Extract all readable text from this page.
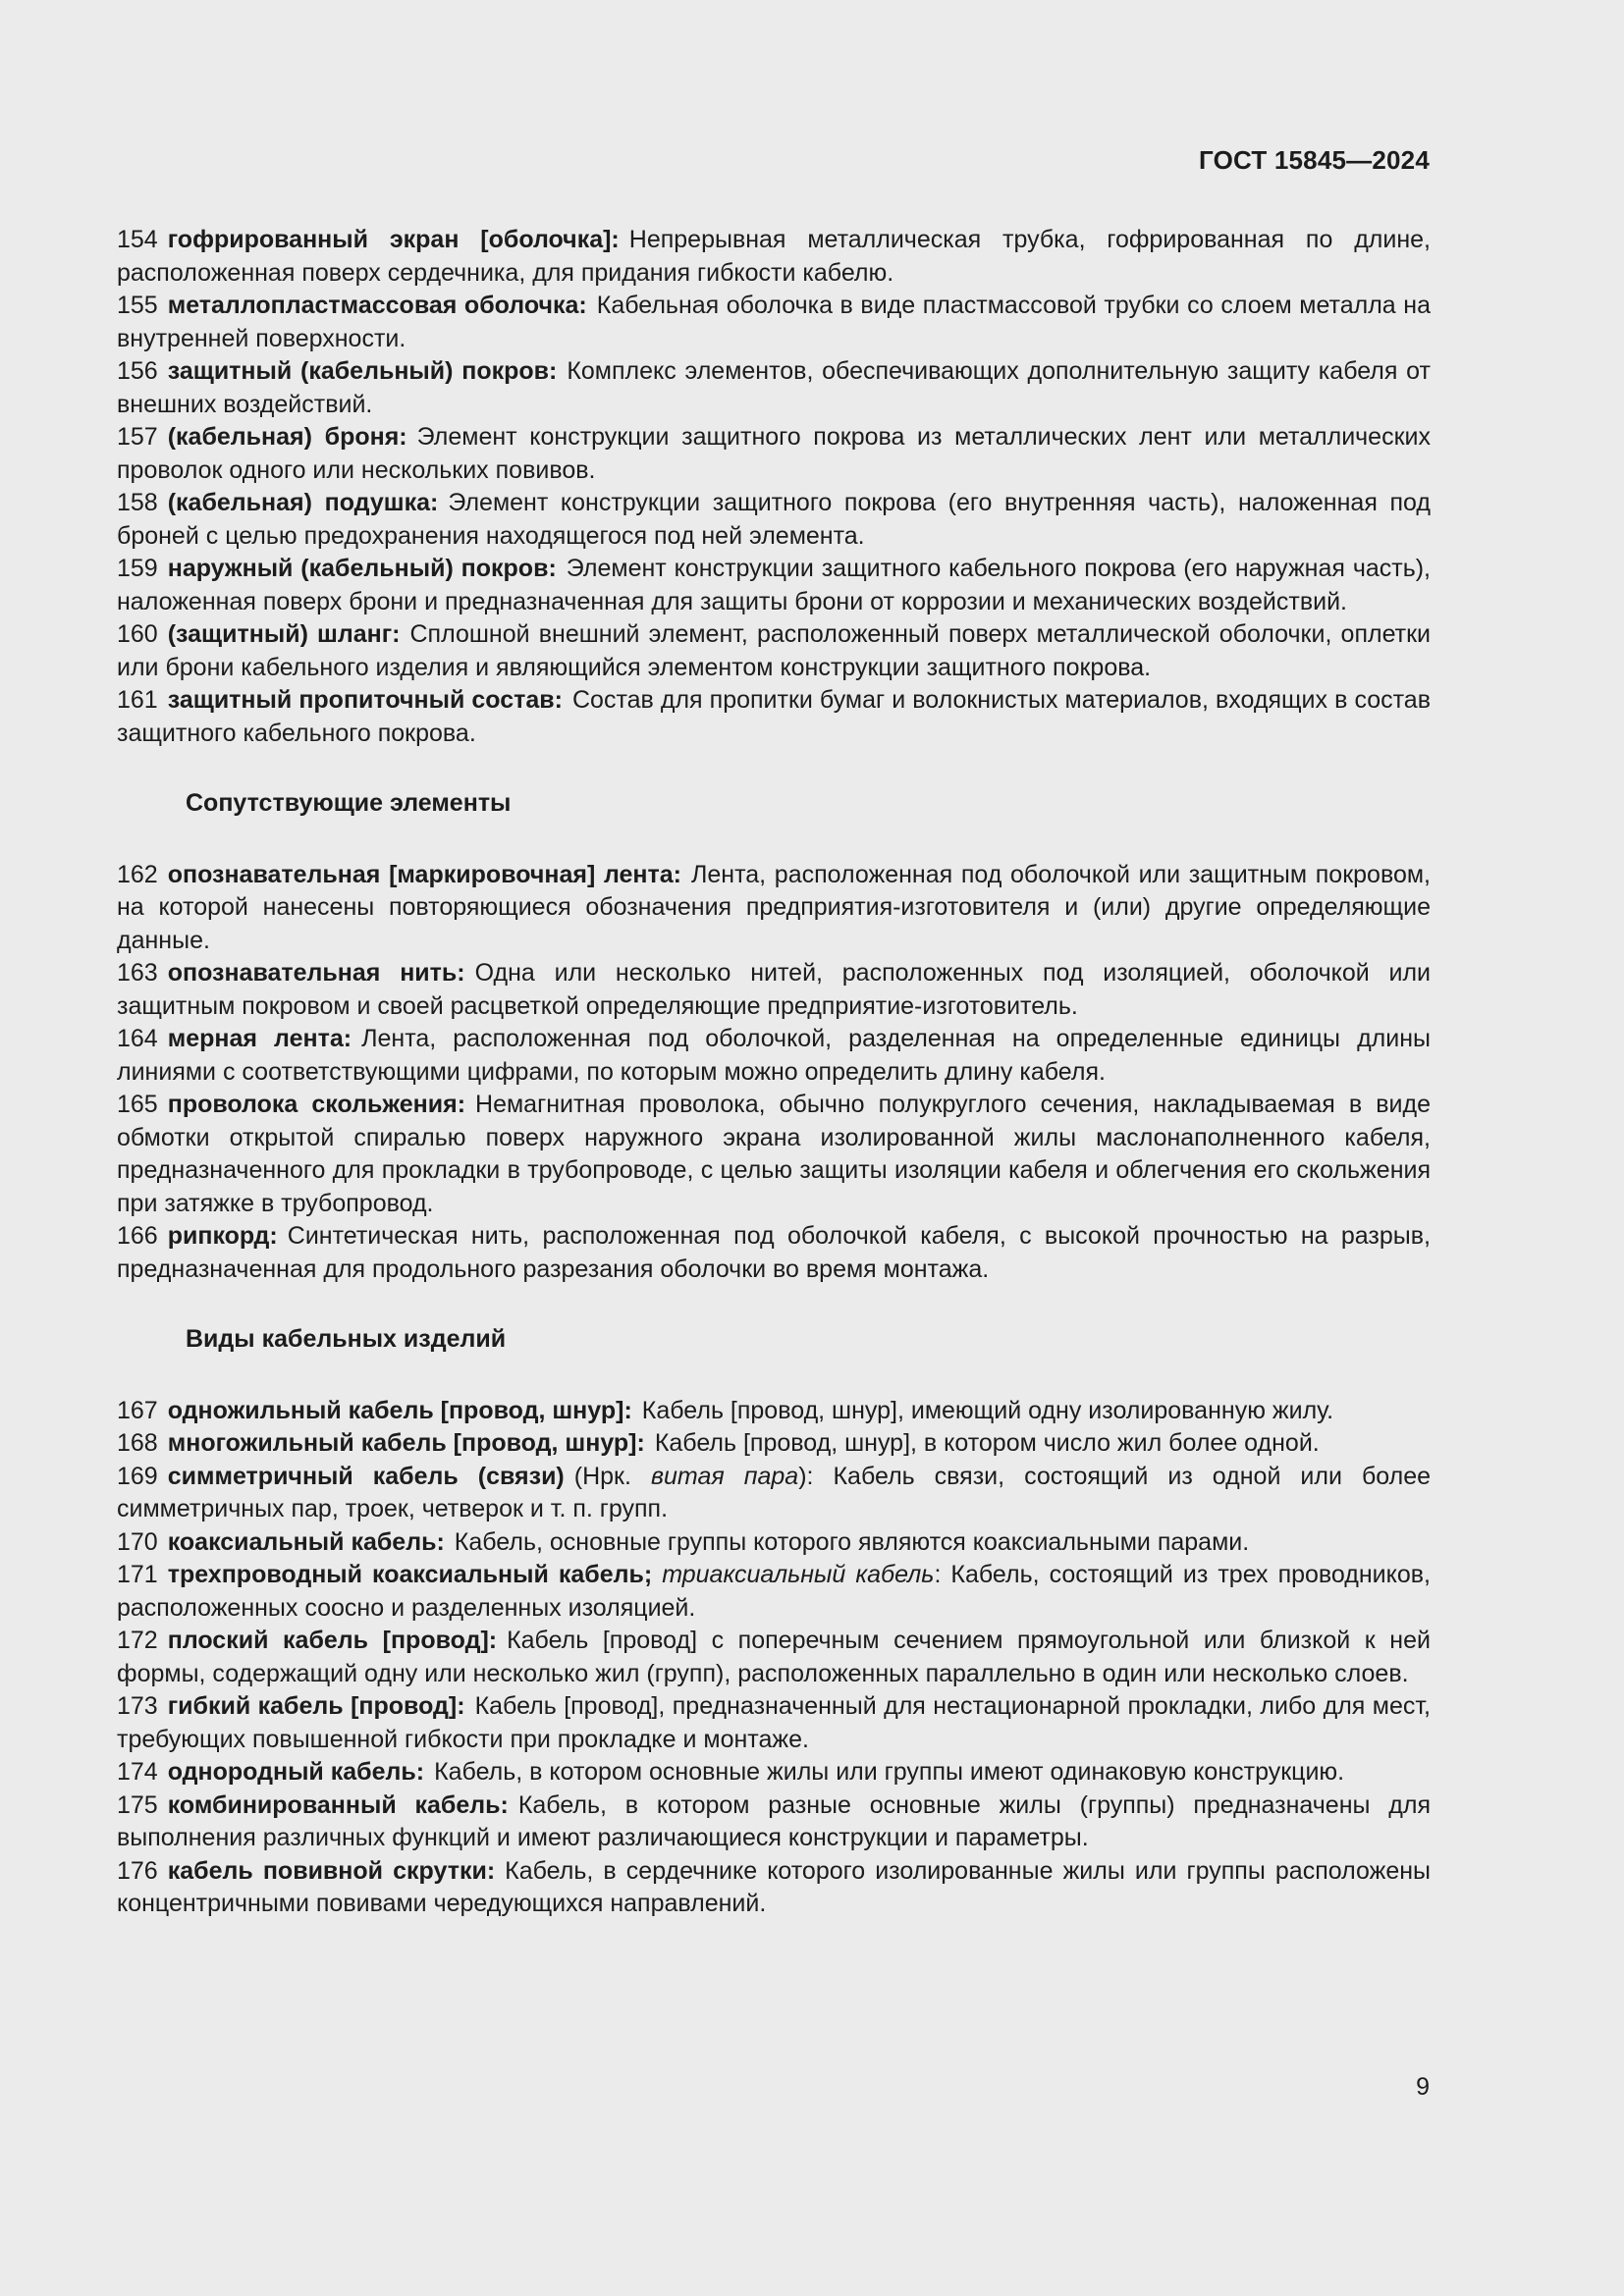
ГОСТ 15845—2024

154 гофрированный экран [оболочка]: Непрерывная металлическая трубка, гофрированная по длине, расположенная поверх сердечника, для придания гибкости кабелю.

155 металлопластмассовая оболочка: Кабельная оболочка в виде пластмассовой трубки со слоем металла на внутренней поверхности.

156 защитный (кабельный) покров: Комплекс элементов, обеспечивающих дополнительную защиту кабеля от внешних воздействий.

157 (кабельная) броня: Элемент конструкции защитного покрова из металлических лент или металлических проволок одного или нескольких повивов.

158 (кабельная) подушка: Элемент конструкции защитного покрова (его внутренняя часть), наложенная под броней с целью предохранения находящегося под ней элемента.

159 наружный (кабельный) покров: Элемент конструкции защитного кабельного покрова (его наружная часть), наложенная поверх брони и предназначенная для защиты брони от коррозии и механических воздействий.

160 (защитный) шланг: Сплошной внешний элемент, расположенный поверх металлической оболочки, оплетки или брони кабельного изделия и являющийся элементом конструкции защитного покрова.

161 защитный пропиточный состав: Состав для пропитки бумаг и волокнистых материалов, входящих в состав защитного кабельного покрова.

Сопутствующие элементы

162 опознавательная [маркировочная] лента: Лента, расположенная под оболочкой или защитным покровом, на которой нанесены повторяющиеся обозначения предприятия-изготовителя и (или) другие определяющие данные.

163 опознавательная нить: Одна или несколько нитей, расположенных под изоляцией, оболочкой или защитным покровом и своей расцветкой определяющие предприятие-изготовитель.

164 мерная лента: Лента, расположенная под оболочкой, разделенная на определенные единицы длины линиями с соответствующими цифрами, по которым можно определить длину кабеля.

165 проволока скольжения: Немагнитная проволока, обычно полукруглого сечения, накладываемая в виде обмотки открытой спиралью поверх наружного экрана изолированной жилы маслонаполненного кабеля, предназначенного для прокладки в трубопроводе, с целью защиты изоляции кабеля и облегчения его скольжения при затяжке в трубопровод.

166 рипкорд: Синтетическая нить, расположенная под оболочкой кабеля, с высокой прочностью на разрыв, предназначенная для продольного разрезания оболочки во время монтажа.

Виды кабельных изделий

167 одножильный кабель [провод, шнур]: Кабель [провод, шнур], имеющий одну изолированную жилу.

168 многожильный кабель [провод, шнур]: Кабель [провод, шнур], в котором число жил более одной.

169 симметричный кабель (связи) (Нрк. витая пара): Кабель связи, состоящий из одной или более симметричных пар, троек, четверок и т. п. групп.

170 коаксиальный кабель: Кабель, основные группы которого являются коаксиальными парами.

171 трехпроводный коаксиальный кабель; триаксиальный кабель: Кабель, состоящий из трех проводников, расположенных соосно и разделенных изоляцией.

172 плоский кабель [провод]: Кабель [провод] с поперечным сечением прямоугольной или близкой к ней формы, содержащий одну или несколько жил (групп), расположенных параллельно в один или несколько слоев.

173 гибкий кабель [провод]: Кабель [провод], предназначенный для нестационарной прокладки, либо для мест, требующих повышенной гибкости при прокладке и монтаже.

174 однородный кабель: Кабель, в котором основные жилы или группы имеют одинаковую конструкцию.

175 комбинированный кабель: Кабель, в котором разные основные жилы (группы) предназначены для выполнения различных функций и имеют различающиеся конструкции и параметры.

176 кабель повивной скрутки: Кабель, в сердечнике которого изолированные жилы или группы расположены концентричными повивами чередующихся направлений.

9
